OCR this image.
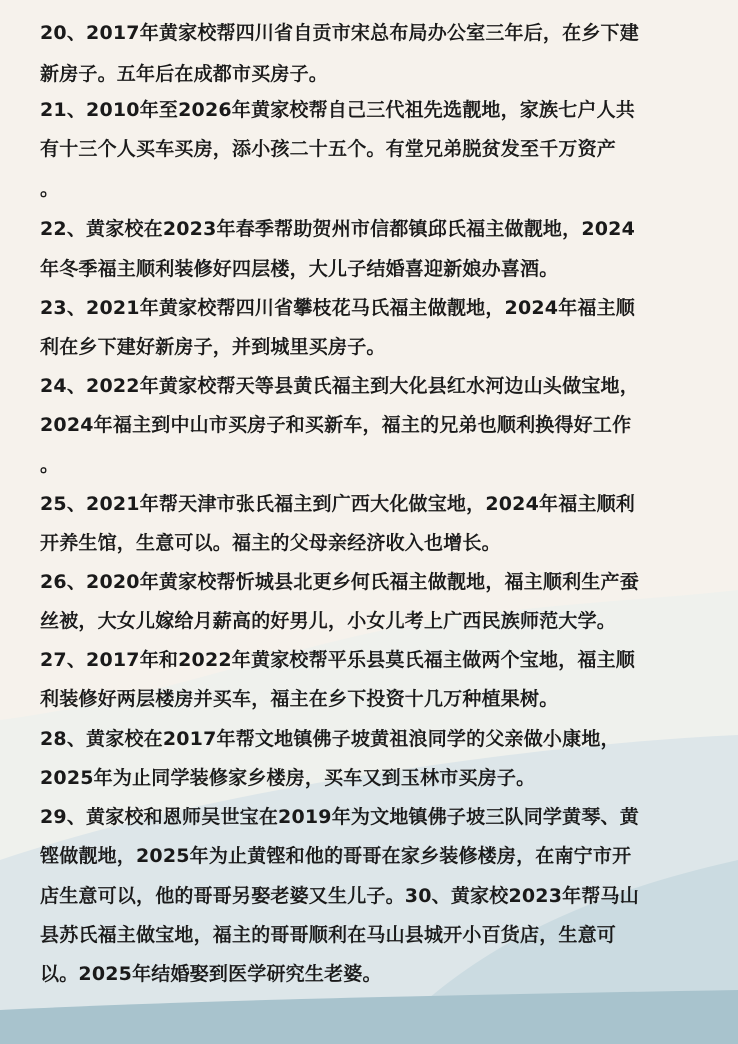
20、2017年黄家校帮四川省自贡市宋总布局办公室三年后，在乡下建
新房子。五年后在成都市买房子。
21、2010年至2026年黄家校帮自己三代祖先选靓地，家族七户人共
有十三个人买车买房，添小孩二十五个。有堂兄弟脱贫发至千万资产
。
22、黄家校在2023年春季帮助贺州市信都镇邱氏福主做靓地，2024
年冬季福主顺利装修好四层楼，大儿子结婚喜迎新娘办喜酒。
23、2021年黄家校帮四川省攀枝花马氏福主做靓地，2024年福主顺
利在乡下建好新房子，并到城里买房子。
24、2022年黄家校帮天等县黄氏福主到大化县红水河边山头做宝地，
2024年福主到中山市买房子和买新车，福主的兄弟也顺利换得好工作
。
25、2021年帮天津市张氏福主到广西大化做宝地，2024年福主顺利
开养生馆，生意可以。福主的父母亲经济收入也增长。
26、2020年黄家校帮忻城县北更乡何氏福主做靓地，福主顺利生产蚕
丝被，大女儿嫁给月薪高的好男儿，小女儿考上广西民族师范大学。
27、2017年和2022年黄家校帮平乐县莫氏福主做两个宝地，福主顺
利装修好两层楼房并买车，福主在乡下投资十几万种植果树。
28、黄家校在2017年帮文地镇佛子坡黄祖浪同学的父亲做小康地，
2025年为止同学装修家乡楼房，买车又到玉林市买房子。
29、黄家校和恩师吴世宝在2019年为文地镇佛子坡三队同学黄琴、黄
铿做靓地，2025年为止黄铿和他的哥哥在家乡装修楼房，在南宁市开
店生意可以，他的哥哥另娶老婆又生儿子。30、黄家校2023年帮马山
县苏氏福主做宝地，福主的哥哥顺利在马山县城开小百货店，生意可
以。2025年结婚娶到医学研究生老婆。
